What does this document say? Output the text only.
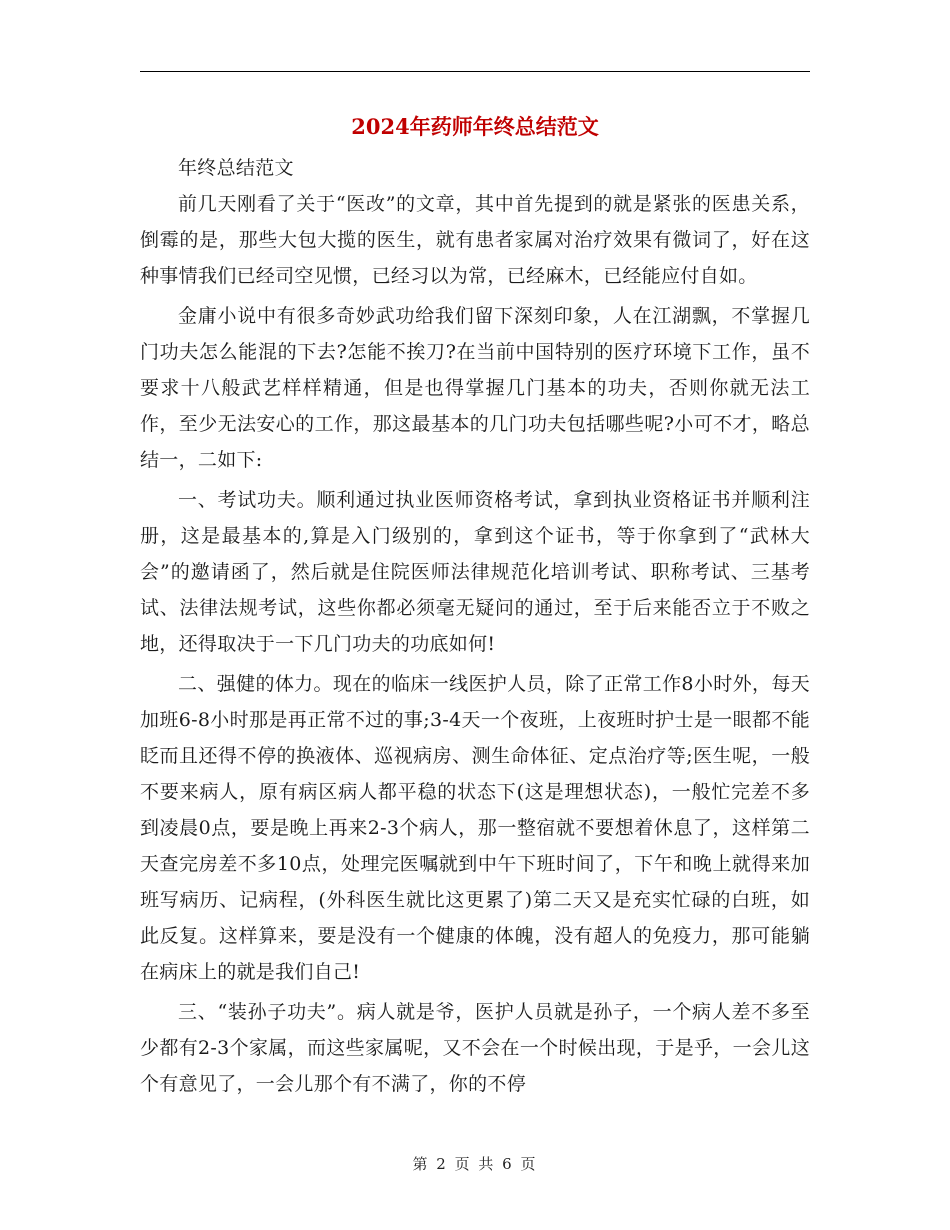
2024年药师年终总结范文

年终总结范文

前几天刚看了关于“医改”的文章，其中首先提到的就是紧张的医患关系，倒霉的是，那些大包大揽的医生，就有患者家属对治疗效果有微词了，好在这种事情我们已经司空见惯，已经习以为常，已经麻木，已经能应付自如。

金庸小说中有很多奇妙武功给我们留下深刻印象，人在江湖飘，不掌握几门功夫怎么能混的下去?怎能不挨刀?在当前中国特别的医疗环境下工作，虽不要求十八般武艺样样精通，但是也得掌握几门基本的功夫，否则你就无法工作，至少无法安心的工作，那这最基本的几门功夫包括哪些呢?小可不才，略总结一，二如下:

一、考试功夫。顺利通过执业医师资格考试，拿到执业资格证书并顺利注册，这是最基本的,算是入门级别的，拿到这个证书，等于你拿到了“武林大会”的邀请函了，然后就是住院医师法律规范化培训考试、职称考试、三基考试、法律法规考试，这些你都必须毫无疑问的通过，至于后来能否立于不败之地，还得取决于一下几门功夫的功底如何!

二、强健的体力。现在的临床一线医护人员，除了正常工作8小时外，每天加班6-8小时那是再正常不过的事;3-4天一个夜班，上夜班时护士是一眼都不能眨而且还得不停的换液体、巡视病房、测生命体征、定点治疗等;医生呢，一般不要来病人，原有病区病人都平稳的状态下(这是理想状态)，一般忙完差不多到凌晨0点，要是晚上再来2-3个病人，那一整宿就不要想着休息了，这样第二天查完房差不多10点，处理完医嘱就到中午下班时间了，下午和晚上就得来加班写病历、记病程，(外科医生就比这更累了)第二天又是充实忙碌的白班，如此反复。这样算来，要是没有一个健康的体魄，没有超人的免疫力，那可能躺在病床上的就是我们自己!

三、“装孙子功夫”。病人就是爷，医护人员就是孙子，一个病人差不多至少都有2-3个家属，而这些家属呢，又不会在一个时候出现，于是乎，一会儿这个有意见了，一会儿那个有不满了，你的不停

第 2 页 共 6 页
